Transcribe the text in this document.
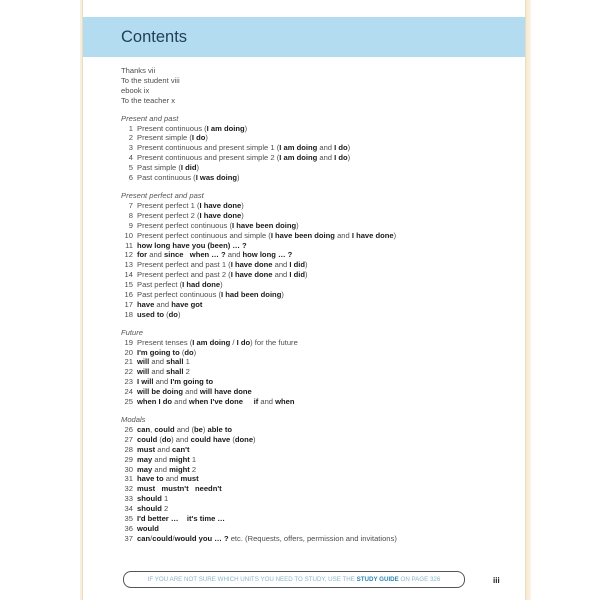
Contents
Thanks vii
To the student viii
ebook ix
To the teacher x
Present and past
1 Present continuous (I am doing)
2 Present simple (I do)
3 Present continuous and present simple 1 (I am doing and I do)
4 Present continuous and present simple 2 (I am doing and I do)
5 Past simple (I did)
6 Past continuous (I was doing)
Present perfect and past
7 Present perfect 1 (I have done)
8 Present perfect 2 (I have done)
9 Present perfect continuous (I have been doing)
10 Present perfect continuous and simple (I have been doing and I have done)
11 how long have you (been) … ?
12 for and since when … ? and how long … ?
13 Present perfect and past 1 (I have done and I did)
14 Present perfect and past 2 (I have done and I did)
15 Past perfect (I had done)
16 Past perfect continuous (I had been doing)
17 have and have got
18 used to (do)
Future
19 Present tenses (I am doing / I do) for the future
20 I'm going to (do)
21 will and shall 1
22 will and shall 2
23 I will and I'm going to
24 will be doing and will have done
25 when I do and when I've done if and when
Modals
26 can, could and (be) able to
27 could (do) and could have (done)
28 must and can't
29 may and might 1
30 may and might 2
31 have to and must
32 must mustn't needn't
33 should 1
34 should 2
35 I'd better … it's time …
36 would
37 can/could/would you … ? etc. (Requests, offers, permission and invitations)
IF YOU ARE NOT SURE WHICH UNITS YOU NEED TO STUDY, USE THE STUDY GUIDE ON PAGE 326	iii
